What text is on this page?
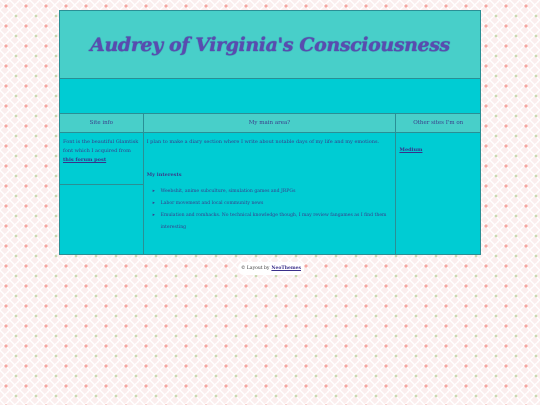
Audrey of Virginia's Consciousness
Site info
Font is the beautiful Glamtisk font which I acquired from this forum post
My main area?
I plan to make a diary section where I write about notable days of my life and my emotions.
My interests
▸ Weebshit, anime subculture, simulation games and JRPGs
▸ Labor movement and local community news
▸ Emulation and romhacks. No technical knowledge though, I may review fangames as I find them interesting
Other sites I'm on
Medium
© Layout by NeoThemes
